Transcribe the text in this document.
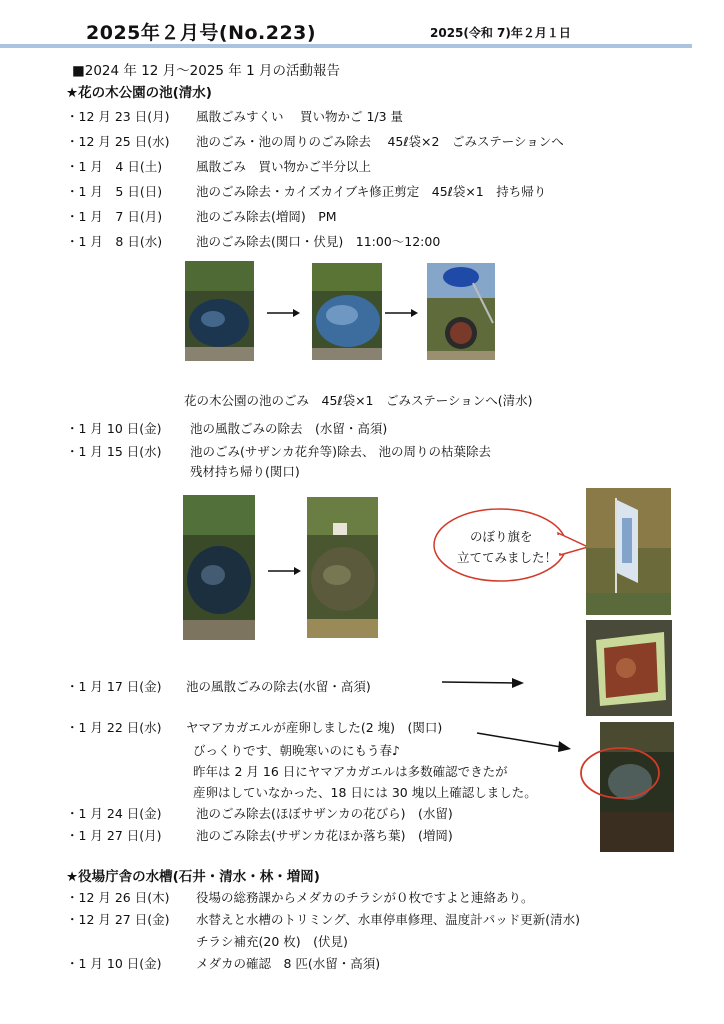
2025年２月号(No.223)	2025(令和 7)年２月１日
■2024 年 12 月～2025 年 1 月の活動報告
★花の木公園の池(清水)
・12 月 23 日(月) 風散ごみすくい　 買い物かご 1/3 量
・12 月 25 日(水) 池のごみ・池の周りのごみ除去　 45ℓ袋×2　ごみステーションへ
・1 月　4 日(土)	風散ごみ　買い物かご半分以上
・1 月　5 日(日)	池のごみ除去・カイズカイブキ修正剪定　45ℓ袋×1　持ち帰り
・1 月　7 日(月)	池のごみ除去(増岡)　PM
・1 月　8 日(水)	池のごみ除去(関口・伏見)　11:00～12:00
花の木公園の池のごみ　45ℓ袋×1　ごみステーションへ(清水)
・1 月 10 日(金) 池の風散ごみの除去　(水留・高須)
・1 月 15 日(水) 池のごみ(サザンカ花弁等)除去、 池の周りの枯葉除去
残材持ち帰り(関口)
のぼり旗を
立ててみました！
・1 月 17 日(金) 池の風散ごみの除去(水留・高須)
・1 月 22 日(水) ヤマアカガエルが産卵しました(2 塊)　(関口)
びっくりです、朝晩寒いのにもう春♪
昨年は 2 月 16 日にヤマアカガエルは多数確認できたが
産卵はしていなかった、18 日には 30 塊以上確認しました。
・1 月 24 日(金)	池のごみ除去(ほぼサザンカの花びら)　(水留)
・1 月 27 日(月)	池のごみ除去(サザンカ花ほか落ち葉)　(増岡)
★役場庁舎の水槽(石井・清水・林・増岡)
・12 月 26 日(木) 役場の総務課からメダカのチラシが０枚ですよと連絡あり。
・12 月 27 日(金) 水替えと水槽のトリミング、水車停車修理、温度計パッド更新(清水)
チラシ補充(20 枚)　(伏見)
・1 月 10 日(金)	メダカの確認　8 匹(水留・高須)
